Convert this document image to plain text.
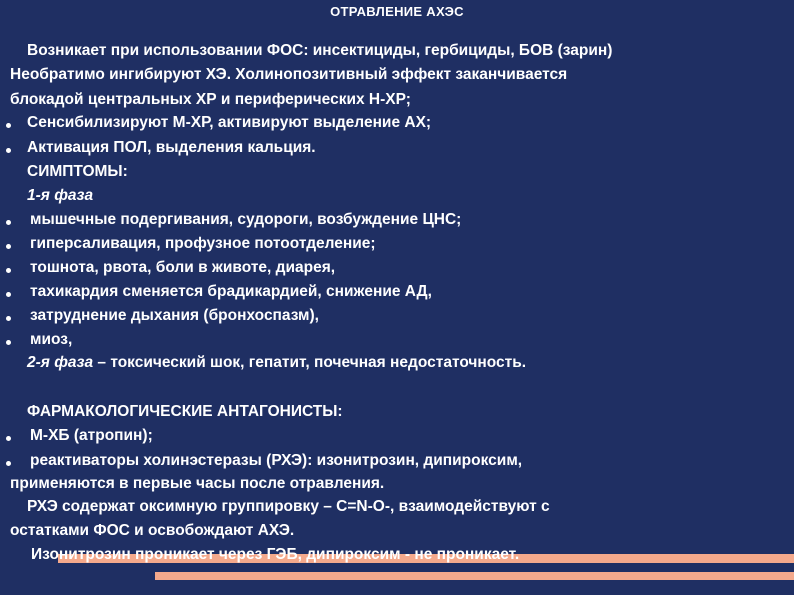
ОТРАВЛЕНИЕ АХЭС
Возникает при использовании ФОС: инсектициды, гербициды, БОВ (зарин)
Необратимо ингибируют ХЭ. Холинопозитивный эффект заканчивается
блокадой центральных ХР и периферических Н-ХР;
Сенсибилизируют М-ХР, активируют выделение АХ;
Активация ПОЛ, выделения кальция.
СИМПТОМЫ:
1-я фаза
мышечные подергивания, судороги, возбуждение ЦНС;
гиперсаливация, профузное потоотделение;
тошнота, рвота, боли в животе, диарея,
тахикардия сменяется брадикардией, снижение АД,
затруднение дыхания (бронхоспазм),
миоз,
2-я фаза – токсический шок, гепатит, почечная недостаточность.
ФАРМАКОЛОГИЧЕСКИЕ АНТАГОНИСТЫ:
М-ХБ (атропин);
реактиваторы холинэстеразы (РХЭ): изонитрозин, дипироксим,
применяются в первые часы после отравления.
РХЭ содержат оксимную группировку – С=N-O-, взаимодействуют с
остатками ФОС и освобождают АХЭ.
Изонитрозин проникает через ГЭБ, дипироксим - не проникает.
